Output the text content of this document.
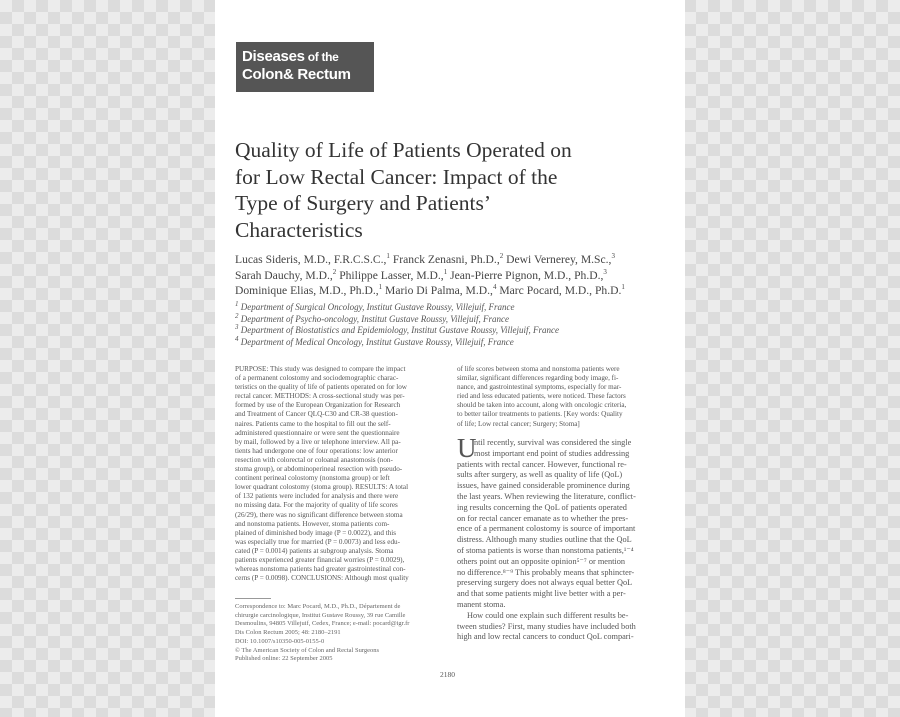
Diseases of the
Colon& Rectum
Quality of Life of Patients Operated on
for Low Rectal Cancer: Impact of the
Type of Surgery and Patients’
Characteristics
Lucas Sideris, M.D., F.R.C.S.C.,$^1$ Franck Zenasni, Ph.D.,$^2$ Dewi Vernerey, M.Sc.,$^3$
Sarah Dauchy, M.D.,$^2$ Philippe Lasser, M.D.,$^1$ Jean-Pierre Pignon, M.D., Ph.D.,$^3$
Dominique Elias, M.D., Ph.D.,$^1$ Mario Di Palma, M.D.,$^4$ Marc Pocard, M.D., Ph.D.$^1$
$^1$ Department of Surgical Oncology, Institut Gustave Roussy, Villejuif, France
$^2$ Department of Psycho-oncology, Institut Gustave Roussy, Villejuif, France
$^3$ Department of Biostatistics and Epidemiology, Institut Gustave Roussy, Villejuif, France
$^4$ Department of Medical Oncology, Institut Gustave Roussy, Villejuif, France
PURPOSE: This study was designed to compare the impact
of a permanent colostomy and sociodemographic charac-
teristics on the quality of life of patients operated on for low
rectal cancer. METHODS: A cross-sectional study was per-
formed by use of the European Organization for Research
and Treatment of Cancer QLQ-C30 and CR-38 question-
naires. Patients came to the hospital to fill out the self-
administered questionnaire or were sent the questionnaire
by mail, followed by a live or telephone interview. All pa-
tients had undergone one of four operations: low anterior
resection with colorectal or coloanal anastomosis (non-
stoma group), or abdominoperineal resection with pseudo-
continent perineal colostomy (nonstoma group) or left
lower quadrant colostomy (stoma group). RESULTS: A total
of 132 patients were included for analysis and there were
no missing data. For the majority of quality of life scores
(26/29), there was no significant difference between stoma
and nonstoma patients. However, stoma patients com-
plained of diminished body image (P = 0.0022), and this
was especially true for married (P = 0.0073) and less edu-
cated (P = 0.0014) patients at subgroup analysis. Stoma
patients experienced greater financial worries (P = 0.0029),
whereas nonstoma patients had greater gastrointestinal con-
cerns (P = 0.0098). CONCLUSIONS: Although most quality
Correspondence to: Marc Pocard, M.D., Ph.D., Département de
chirurgie carcinologique, Institut Gustave Roussy, 39 rue Camille
Desmoulins, 94805 Villejuif, Cedex, France; e-mail: pocard@igr.fr
Dis Colon Rectum 2005; 48: 2180–2191
DOI: 10.1007/s10350-005-0155-0
© The American Society of Colon and Rectal Surgeons
Published online: 22 September 2005
of life scores between stoma and nonstoma patients were
similar, significant differences regarding body image, fi-
nance, and gastrointestinal symptoms, especially for mar-
ried and less educated patients, were noticed. These factors
should be taken into account, along with oncologic criteria,
to better tailor treatments to patients. [Key words: Quality
of life; Low rectal cancer; Surgery; Stoma]
U
ntil recently, survival was considered the single
most important end point of studies addressing
patients with rectal cancer. However, functional re-
sults after surgery, as well as quality of life (QoL)
issues, have gained considerable prominence during
the last years. When reviewing the literature, conflict-
ing results concerning the QoL of patients operated
on for rectal cancer emanate as to whether the pres-
ence of a permanent colostomy is source of important
distress. Although many studies outline that the QoL
of stoma patients is worse than nonstoma patients,¹⁻⁴
others point out an opposite opinion⁵⁻⁷ or mention
no difference.⁸⁻⁹ This probably means that sphincter-
preserving surgery does not always equal better QoL
and that some patients might live better with a per-
manent stoma.
How could one explain such different results be-
tween studies? First, many studies have included both
high and low rectal cancers to conduct QoL compari-
2180
